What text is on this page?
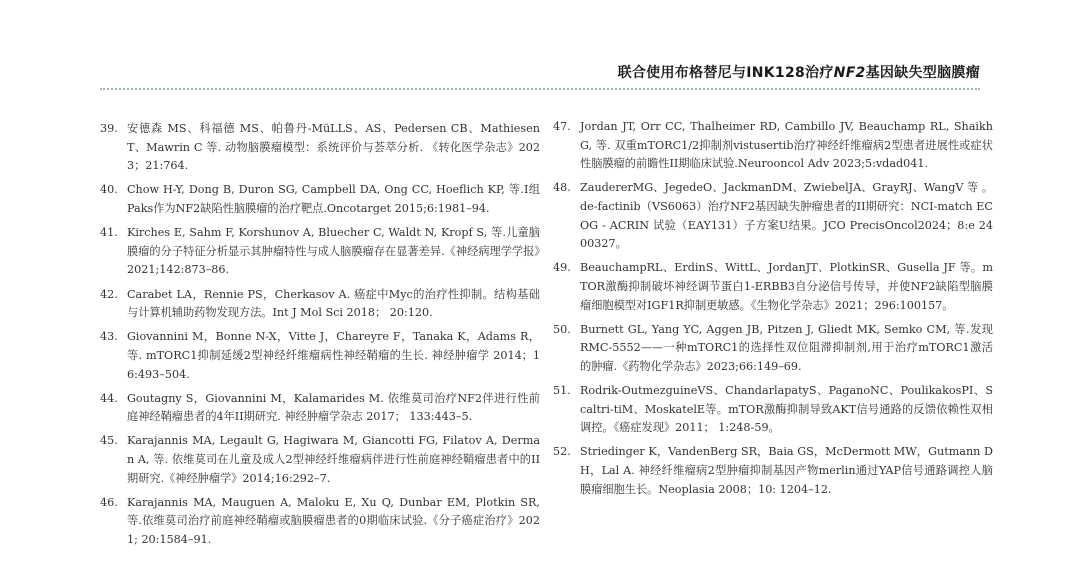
联合使用布格替尼与INK128治疗NF2基因缺失型脑膜瘤
39. 安德森 MS、科福德 MS、帕鲁丹-MüLLS、AS、Pedersen CB、Mathiesen T、Mawrin C 等. 动物脑膜瘤模型：系统评价与荟萃分析. 《转化医学杂志》2023；21:764.
40. Chow H-Y, Dong B, Duron SG, Campbell DA, Ong CC, Hoeflich KP, 等.I组Paks作为NF2缺陷性脑膜瘤的治疗靶点.Oncotarget 2015;6:1981–94.
41. Kirches E, Sahm F, Korshunov A, Bluecher C, Waldt N, Kropf S, 等.儿童脑膜瘤的分子特征分析显示其肿瘤特性与成人脑膜瘤存在显著差异.《神经病理学学报》2021;142:873–86.
42. Carabet LA，Rennie PS，Cherkasov A. 癌症中Myc的治疗性抑制。结构基础与计算机辅助药物发现方法。Int J Mol Sci 2018； 20:120.
43. Giovannini M，Bonne N-X，Vitte J，Chareyre F，Tanaka K，Adams R，等. mTORC1抑制延缓2型神经纤维瘤病性神经鞘瘤的生长. 神经肿瘤学 2014；16:493–504.
44. Goutagny S，Giovannini M，Kalamarides M. 依维莫司治疗NF2伴进行性前庭神经鞘瘤患者的4年II期研究. 神经肿瘤学杂志 2017； 133:443–5.
45. Karajannis MA, Legault G, Hagiwara M, Giancotti FG, Filatov A, Derman A, 等. 依维莫司在儿童及成人2型神经纤维瘤病伴进行性前庭神经鞘瘤患者中的II期研究.《神经肿瘤学》2014;16:292–7.
46. Karajannis MA, Mauguen A, Maloku E, Xu Q, Dunbar EM, Plotkin SR, 等.依维莫司治疗前庭神经鞘瘤或脑膜瘤患者的0期临床试验.《分子癌症治疗》2021; 20:1584–91.
47. Jordan JT, Orr CC, Thalheimer RD, Cambillo JV, Beauchamp RL, Shaikh G, 等. 双重mTORC1/2抑制剂vistusertib治疗神经纤维瘤病2型患者进展性或症状性脑膜瘤的前瞻性II期临床试验.Neurooncol Adv 2023;5:vdad041.
48. ZaudererMG、JegedeO、JackmanDM、ZwiebelJA、GrayRJ、WangV 等 。de-factinib（VS6063）治疗NF2基因缺失肿瘤患者的II期研究：NCI-match ECOG - ACRIN 试验（EAY131）子方案U结果。JCO PrecisOncol2024；8:e 2400327。
49. BeauchampRL、ErdinS、WittL、JordanJT、PlotkinSR、Gusella JF 等。mTOR激酶抑制破坏神经调节蛋白1-ERBB3自分泌信号传导，并使NF2缺陷型脑膜瘤细胞模型对IGF1R抑制更敏感。《生物化学杂志》2021；296:100157。
50. Burnett GL, Yang YC, Aggen JB, Pitzen J, Gliedt MK, Semko CM, 等.发现RMC-5552——一种mTORC1的选择性双位阻滞抑制剂,用于治疗mTORC1激活的肿瘤.《药物化学杂志》2023;66:149–69.
51. Rodrik-OutmezguineVS、ChandarlapatyS、PaganoNC、PoulikakosPI、Scaltri-tiM、MoskatelE等。mTOR激酶抑制导致AKT信号通路的反馈依赖性双相调控。《癌症发现》2011； 1:248-59。
52. Striedinger K，VandenBerg SR，Baia GS，McDermott MW，Gutmann DH，Lal A. 神经纤维瘤病2型肿瘤抑制基因产物merlin通过YAP信号通路调控人脑膜瘤细胞生长。Neoplasia 2008；10: 1204–12.
